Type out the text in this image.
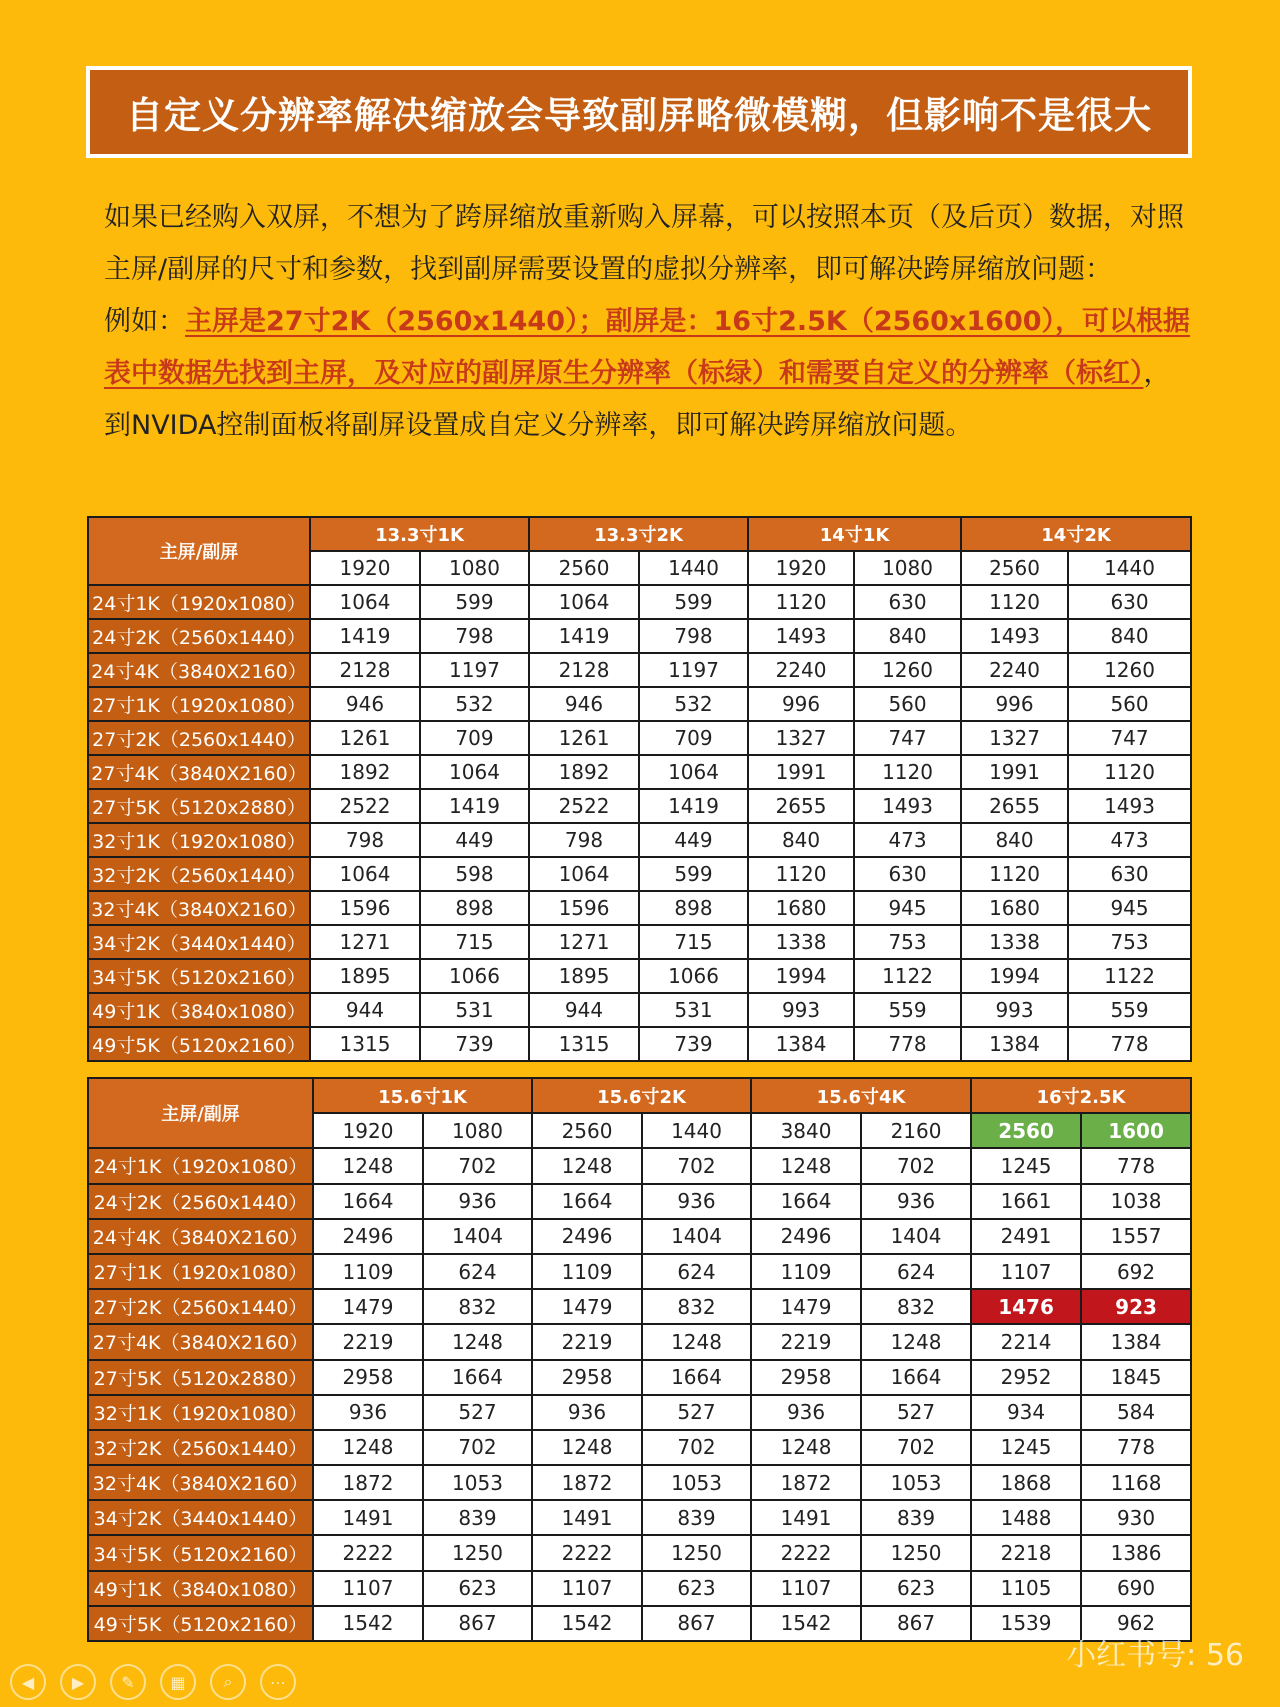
自定义分辨率解决缩放会导致副屏略微模糊，但影响不是很大
如果已经购入双屏，不想为了跨屏缩放重新购入屏幕，可以按照本页（及后页）数据，对照主屏/副屏的尺寸和参数，找到副屏需要设置的虚拟分辨率，即可解决跨屏缩放问题：
例如：主屏是27寸2K（2560x1440）；副屏是：16寸2.5K（2560x1600），可以根据表中数据先找到主屏，及对应的副屏原生分辨率（标绿）和需要自定义的分辨率（标红），到NVIDA控制面板将副屏设置成自定义分辨率，即可解决跨屏缩放问题。
主屏/副屏	13.3寸1K		13.3寸2K		14寸1K		14寸2K	
	1920	1080	2560	1440	1920	1080	2560	1440
24寸1K（1920x1080）	1064	599	1064	599	1120	630	1120	630
24寸2K（2560x1440）	1419	798	1419	798	1493	840	1493	840
24寸4K（3840X2160）	2128	1197	2128	1197	2240	1260	2240	1260
27寸1K（1920x1080）	946	532	946	532	996	560	996	560
27寸2K（2560x1440）	1261	709	1261	709	1327	747	1327	747
27寸4K（3840X2160）	1892	1064	1892	1064	1991	1120	1991	1120
27寸5K（5120x2880）	2522	1419	2522	1419	2655	1493	2655	1493
32寸1K（1920x1080）	798	449	798	449	840	473	840	473
32寸2K（2560x1440）	1064	598	1064	599	1120	630	1120	630
32寸4K（3840X2160）	1596	898	1596	898	1680	945	1680	945
34寸2K（3440x1440）	1271	715	1271	715	1338	753	1338	753
34寸5K（5120x2160）	1895	1066	1895	1066	1994	1122	1994	1122
49寸1K（3840x1080）	944	531	944	531	993	559	993	559
49寸5K（5120x2160）	1315	739	1315	739	1384	778	1384	778
主屏/副屏	15.6寸1K		15.6寸2K		15.6寸4K		16寸2.5K	
	1920	1080	2560	1440	3840	2160	2560	1600
24寸1K（1920x1080）	1248	702	1248	702	1248	702	1245	778
24寸2K（2560x1440）	1664	936	1664	936	1664	936	1661	1038
24寸4K（3840X2160）	2496	1404	2496	1404	2496	1404	2491	1557
27寸1K（1920x1080）	1109	624	1109	624	1109	624	1107	692
27寸2K（2560x1440）	1479	832	1479	832	1479	832	1476	923
27寸4K（3840X2160）	2219	1248	2219	1248	2219	1248	2214	1384
27寸5K（5120x2880）	2958	1664	2958	1664	2958	1664	2952	1845
32寸1K（1920x1080）	936	527	936	527	936	527	934	584
32寸2K（2560x1440）	1248	702	1248	702	1248	702	1245	778
32寸4K（3840X2160）	1872	1053	1872	1053	1872	1053	1868	1168
34寸2K（3440x1440）	1491	839	1491	839	1491	839	1488	930
34寸5K（5120x2160）	2222	1250	2222	1250	2222	1250	2218	1386
49寸1K（3840x1080）	1107	623	1107	623	1107	623	1105	690
49寸5K（5120x2160）	1542	867	1542	867	1542	867	1539	962
小红书号: 56
◀	▶	✎	▦	⌕	⋯
